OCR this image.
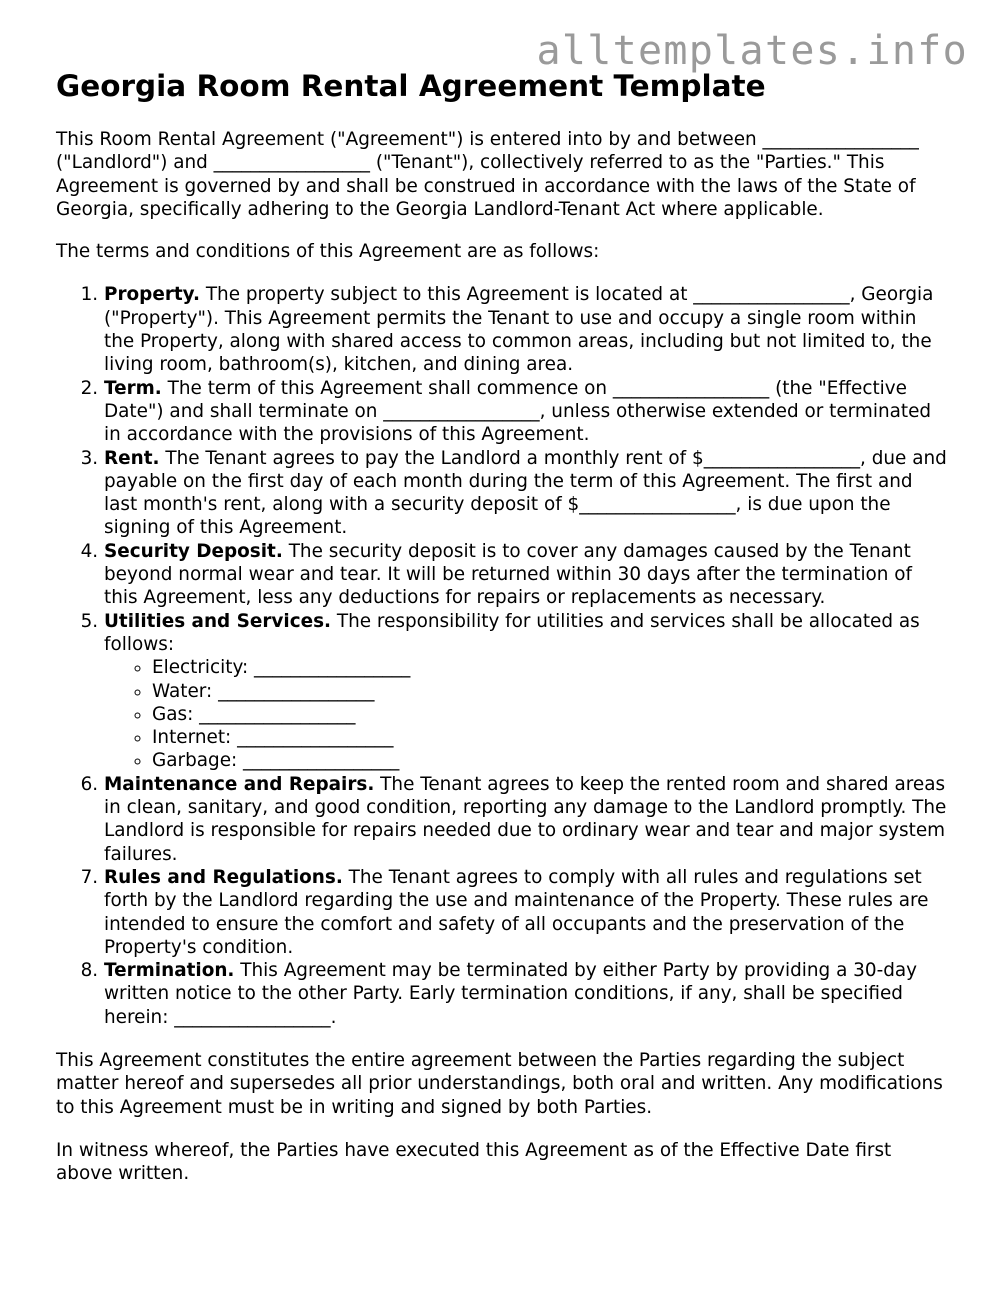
alltemplates.info
Georgia Room Rental Agreement Template

This Room Rental Agreement ("Agreement") is entered into by and between _________________ ("Landlord") and _________________ ("Tenant"), collectively referred to as the "Parties." This Agreement is governed by and shall be construed in accordance with the laws of the State of Georgia, specifically adhering to the Georgia Landlord-Tenant Act where applicable.

The terms and conditions of this Agreement are as follows:

1. Property. The property subject to this Agreement is located at _________________, Georgia ("Property"). This Agreement permits the Tenant to use and occupy a single room within the Property, along with shared access to common areas, including but not limited to, the living room, bathroom(s), kitchen, and dining area.
2. Term. The term of this Agreement shall commence on _________________ (the "Effective Date") and shall terminate on _________________, unless otherwise extended or terminated in accordance with the provisions of this Agreement.
3. Rent. The Tenant agrees to pay the Landlord a monthly rent of $_________________, due and payable on the first day of each month during the term of this Agreement. The first and last month's rent, along with a security deposit of $_________________, is due upon the signing of this Agreement.
4. Security Deposit. The security deposit is to cover any damages caused by the Tenant beyond normal wear and tear. It will be returned within 30 days after the termination of this Agreement, less any deductions for repairs or replacements as necessary.
5. Utilities and Services. The responsibility for utilities and services shall be allocated as follows:
◦ Electricity: _________________
◦ Water: _________________
◦ Gas: _________________
◦ Internet: _________________
◦ Garbage: _________________
6. Maintenance and Repairs. The Tenant agrees to keep the rented room and shared areas in clean, sanitary, and good condition, reporting any damage to the Landlord promptly. The Landlord is responsible for repairs needed due to ordinary wear and tear and major system failures.
7. Rules and Regulations. The Tenant agrees to comply with all rules and regulations set forth by the Landlord regarding the use and maintenance of the Property. These rules are intended to ensure the comfort and safety of all occupants and the preservation of the Property's condition.
8. Termination. This Agreement may be terminated by either Party by providing a 30-day written notice to the other Party. Early termination conditions, if any, shall be specified herein: _________________.

This Agreement constitutes the entire agreement between the Parties regarding the subject matter hereof and supersedes all prior understandings, both oral and written. Any modifications to this Agreement must be in writing and signed by both Parties.

In witness whereof, the Parties have executed this Agreement as of the Effective Date first above written.
